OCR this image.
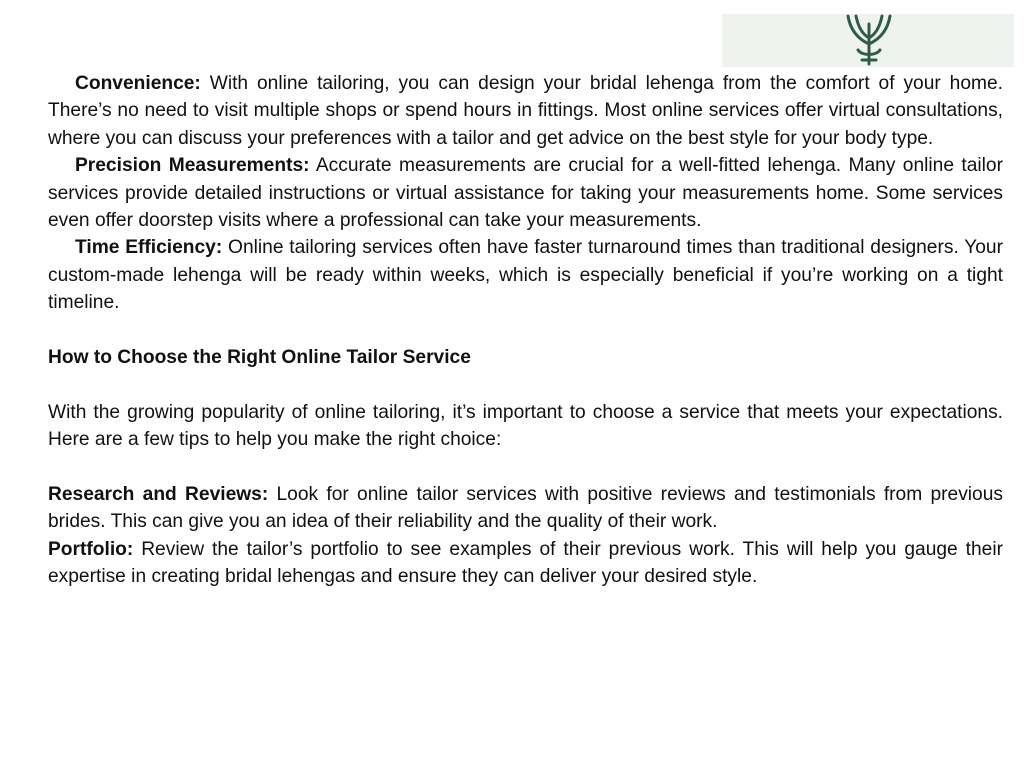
Convenience: With online tailoring, you can design your bridal lehenga from the comfort of your home. There’s no need to visit multiple shops or spend hours in fittings. Most online services offer virtual consultations, where you can discuss your preferences with a tailor and get advice on the best style for your body type.

Precision Measurements: Accurate measurements are crucial for a well-fitted lehenga. Many online tailor services provide detailed instructions or virtual assistance for taking your measurements home. Some services even offer doorstep visits where a professional can take your measurements.

Time Efficiency: Online tailoring services often have faster turnaround times than traditional designers. Your custom-made lehenga will be ready within weeks, which is especially beneficial if you’re working on a tight timeline.

How to Choose the Right Online Tailor Service

With the growing popularity of online tailoring, it’s important to choose a service that meets your expectations. Here are a few tips to help you make the right choice:

Research and Reviews: Look for online tailor services with positive reviews and testimonials from previous brides. This can give you an idea of their reliability and the quality of their work.

Portfolio: Review the tailor’s portfolio to see examples of their previous work. This will help you gauge their expertise in creating bridal lehengas and ensure they can deliver your desired style.
